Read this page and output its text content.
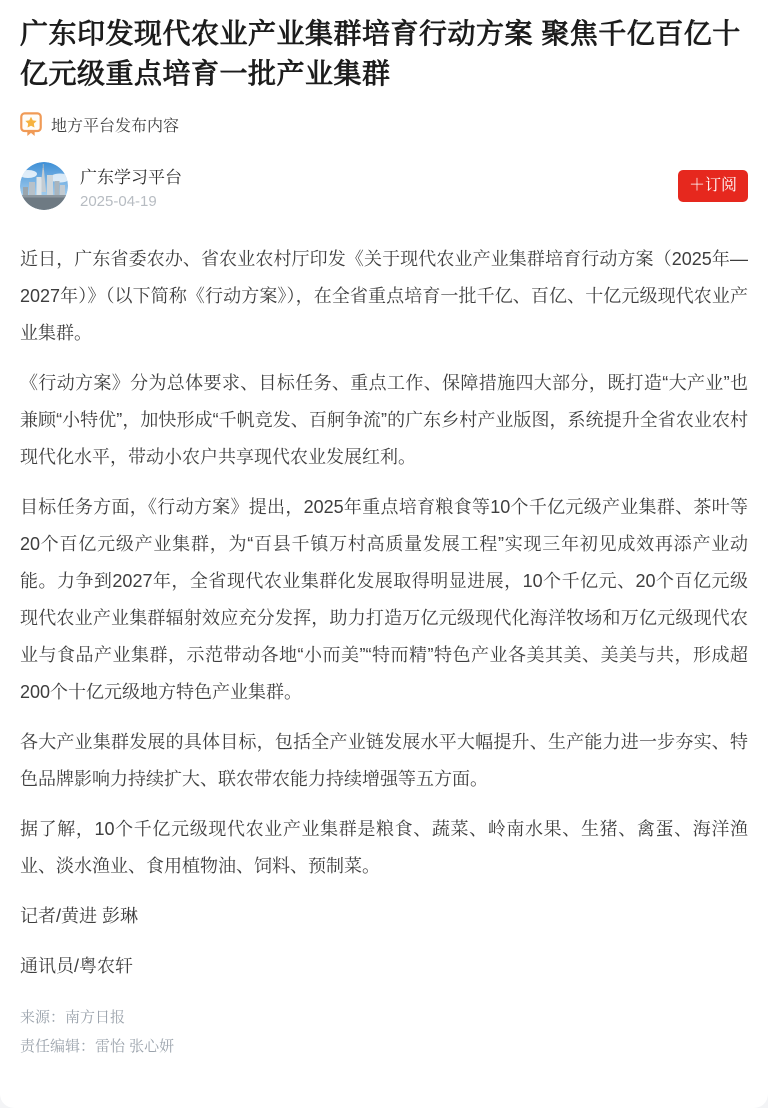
广东印发现代农业产业集群培育行动方案 聚焦千亿百亿十亿元级重点培育一批产业集群
地方平台发布内容
广东学习平台
2025-04-19
＋订阅

近日，广东省委农办、省农业农村厅印发《关于现代农业产业集群培育行动方案（2025年—2027年）》（以下简称《行动方案》），在全省重点培育一批千亿、百亿、十亿元级现代农业产业集群。

《行动方案》分为总体要求、目标任务、重点工作、保障措施四大部分，既打造“大产业”也兼顾“小特优”，加快形成“千帆竞发、百舸争流”的广东乡村产业版图，系统提升全省农业农村现代化水平，带动小农户共享现代农业发展红利。

目标任务方面，《行动方案》提出，2025年重点培育粮食等10个千亿元级产业集群、茶叶等20个百亿元级产业集群，为“百县千镇万村高质量发展工程”实现三年初见成效再添产业动能。力争到2027年，全省现代农业集群化发展取得明显进展，10个千亿元、20个百亿元级现代农业产业集群辐射效应充分发挥，助力打造万亿元级现代化海洋牧场和万亿元级现代农业与食品产业集群，示范带动各地“小而美”“特而精”特色产业各美其美、美美与共，形成超200个十亿元级地方特色产业集群。

各大产业集群发展的具体目标，包括全产业链发展水平大幅提升、生产能力进一步夯实、特色品牌影响力持续扩大、联农带农能力持续增强等五方面。

据了解，10个千亿元级现代农业产业集群是粮食、蔬菜、岭南水果、生猪、禽蛋、海洋渔业、淡水渔业、食用植物油、饲料、预制菜。

记者/黄进 彭琳

通讯员/粤农轩

来源：南方日报
责任编辑：雷怡 张心妍
